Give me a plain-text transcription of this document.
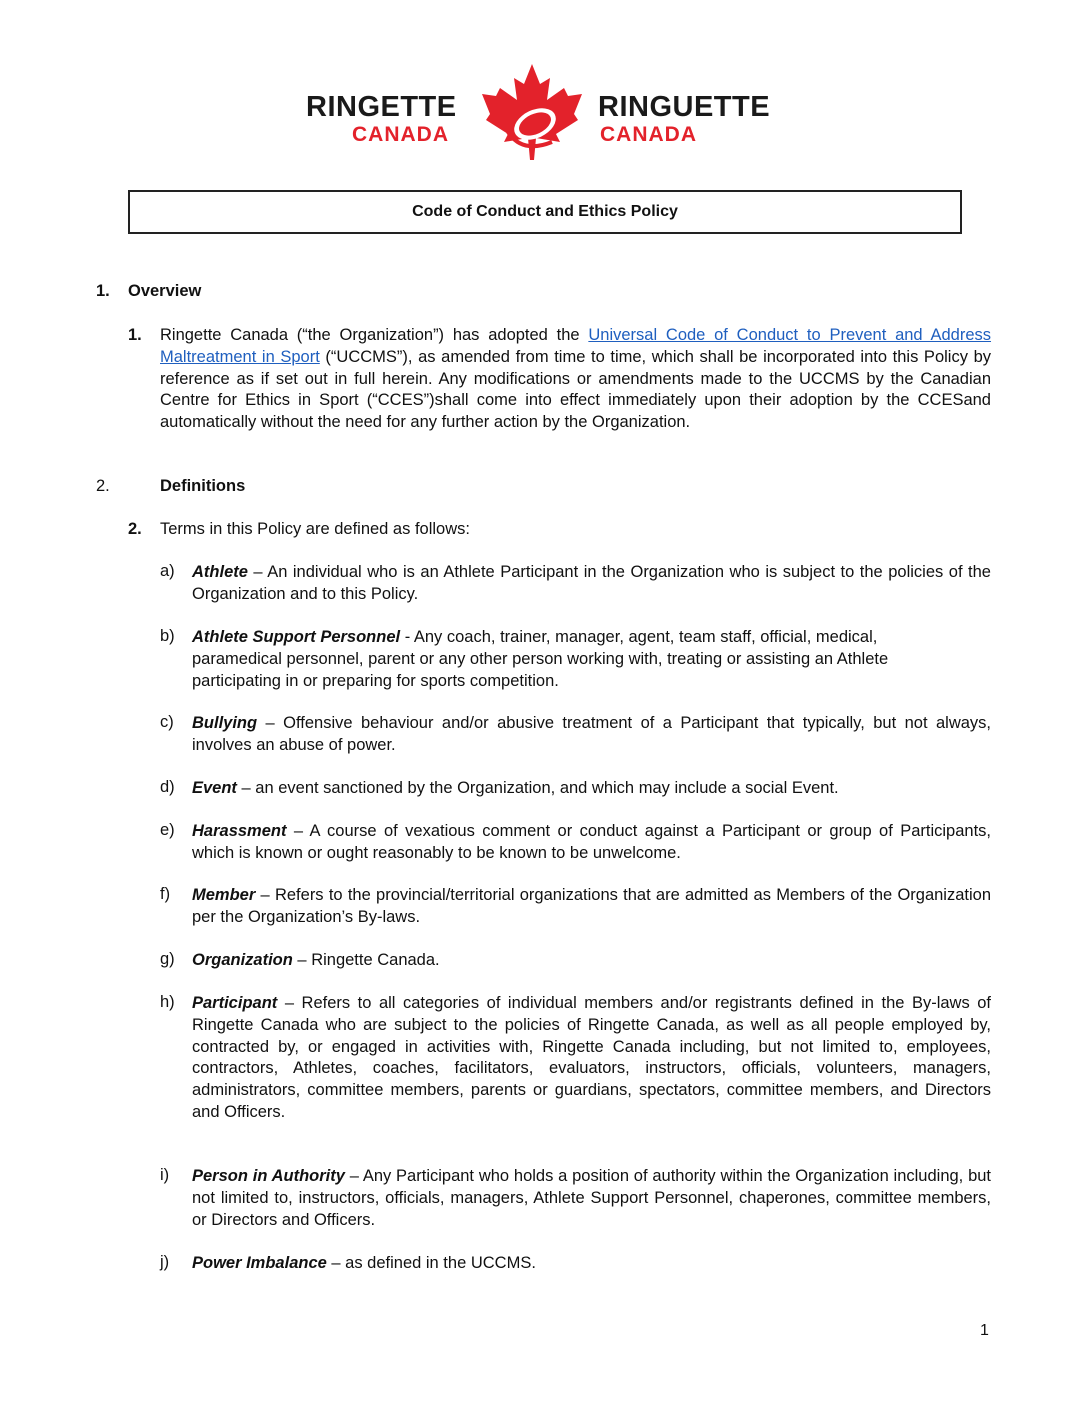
RINGETTE
CANADA
RINGUETTE
CANADA
Code of Conduct and Ethics Policy
1. Overview
1. Ringette Canada (“the Organization”) has adopted the Universal Code of Conduct to Prevent and Address Maltreatment in Sport (“UCCMS”), as amended from time to time, which shall be incorporated into this Policy by reference as if set out in full herein. Any modifications or amendments made to the UCCMS by the Canadian Centre for Ethics in Sport (“CCES”)shall come into effect immediately upon their adoption by the CCESand automatically without the need for any further action by the Organization.
2.	Definitions
2. Terms in this Policy are defined as follows:
a) Athlete – An individual who is an Athlete Participant in the Organization who is subject to the policies of the Organization and to this Policy.
b) Athlete Support Personnel - Any coach, trainer, manager, agent, team staff, official, medical, paramedical personnel, parent or any other person working with, treating or assisting an Athlete participating in or preparing for sports competition.
c) Bullying – Offensive behaviour and/or abusive treatment of a Participant that typically, but not always, involves an abuse of power.
d) Event – an event sanctioned by the Organization, and which may include a social Event.
e) Harassment – A course of vexatious comment or conduct against a Participant or group of Participants, which is known or ought reasonably to be known to be unwelcome.
f) Member – Refers to the provincial/territorial organizations that are admitted as Members of the Organization per the Organization’s By-laws.
g) Organization – Ringette Canada.
h) Participant – Refers to all categories of individual members and/or registrants defined in the By-laws of Ringette Canada who are subject to the policies of Ringette Canada, as well as all people employed by, contracted by, or engaged in activities with, Ringette Canada including, but not limited to, employees, contractors, Athletes, coaches, facilitators, evaluators, instructors, officials, volunteers, managers, administrators, committee members, parents or guardians, spectators, committee members, and Directors and Officers.
i) Person in Authority – Any Participant who holds a position of authority within the Organization including, but not limited to, instructors, officials, managers, Athlete Support Personnel, chaperones, committee members, or Directors and Officers.
j) Power Imbalance – as defined in the UCCMS.
1
